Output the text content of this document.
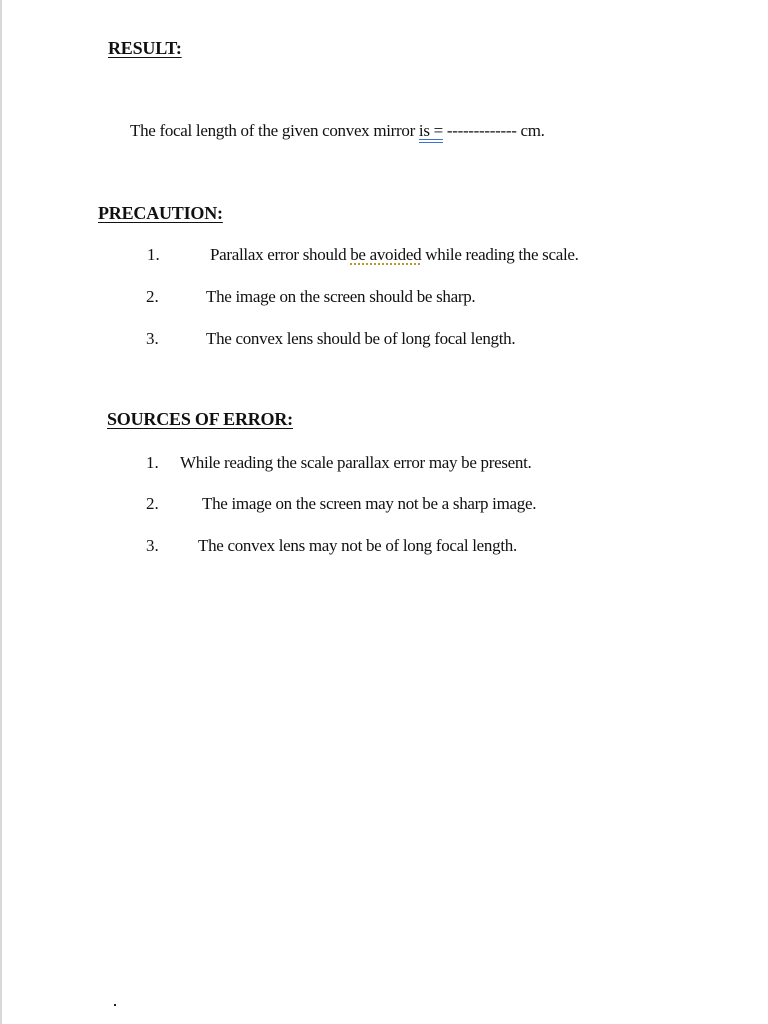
RESULT:
The focal length of the given convex mirror is = ------------- cm.
PRECAUTION:
1.	Parallax error should be avoided while reading the scale.
2.	The image on the screen should be sharp.
3.	The convex lens should be of long focal length.
SOURCES OF ERROR:
1. While reading the scale parallax error may be present.
2.	The image on the screen may not be a sharp image.
3. The convex lens may not be of long focal length.
